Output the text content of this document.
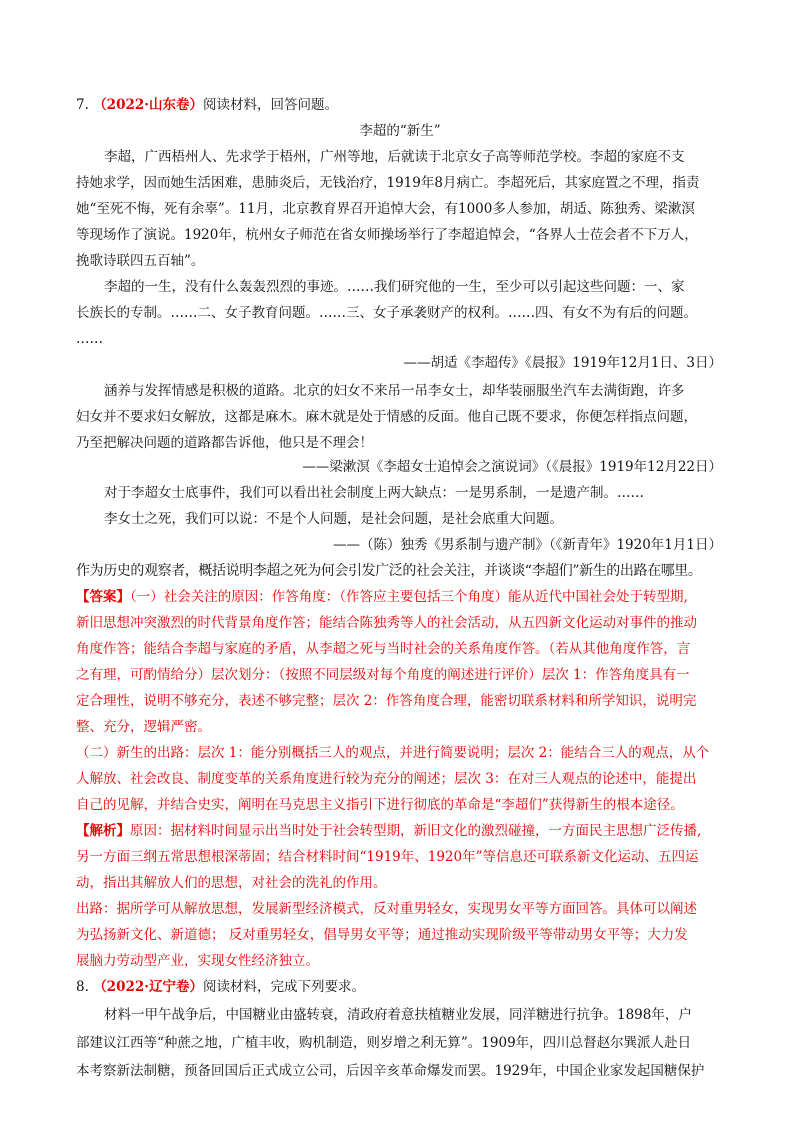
7. （2022·山东卷）阅读材料，回答问题。
李超的“新生”
李超，广西梧州人、先求学于梧州，广州等地，后就读于北京女子高等师范学校。李超的家庭不支
持她求学，因而她生活困难，患肺炎后，无钱治疗，1919年8月病亡。李超死后，其家庭置之不理，指责
她“至死不悔，死有余辜”。11月，北京教育界召开追悼大会，有1000多人参加，胡适、陈独秀、梁漱溟
等现场作了演说。1920年，杭州女子师范在省女师操场举行了李超追悼会，“各界人士莅会者不下万人，
挽歌诗联四五百轴”。
李超的一生，没有什么轰轰烈烈的事迹。……我们研究他的一生，至少可以引起这些问题：一、家
长族长的专制。……二、女子教育问题。……三、女子承袭财产的权利。……四、有女不为有后的问题。
……
——胡适《李超传》《晨报》1919年12月1日、3日）
涵养与发挥情感是积极的道路。北京的妇女不来吊一吊李女士，却华装丽服坐汽车去满街跑，许多
妇女并不要求妇女解放，这都是麻木。麻木就是处于情感的反面。他自己既不要求，你便怎样指点问题，
乃至把解决问题的道路都告诉他，他只是不理会！
——梁漱溟《李超女士追悼会之演说词》（《晨报》1919年12月22日）
对于李超女士底事件，我们可以看出社会制度上两大缺点：一是男系制，一是遗产制。……
李女士之死，我们可以说：不是个人问题，是社会问题，是社会底重大问题。
——（陈）独秀《男系制与遗产制》（《新青年》1920年1月1日）
作为历史的观察者，概括说明李超之死为何会引发广泛的社会关注，并谈谈“李超们”新生的出路在哪里。
【答案】（一）社会关注的原因：作答角度：（作答应主要包括三个角度）能从近代中国社会处于转型期,
新旧思想冲突激烈的时代背景角度作答；能结合陈独秀等人的社会活动，从五四新文化运动对事件的推动
角度作答；能结合李超与家庭的矛盾，从李超之死与当时社会的关系角度作答。（若从其他角度作答，言
之有理，可酌情给分）层次划分：（按照不同层级对每个角度的阐述进行评价）层次 1：作答角度具有一
定合理性，说明不够充分，表述不够完整；层次 2：作答角度合理，能密切联系材料和所学知识，说明完
整、充分，逻辑严密。
（二）新生的出路：层次 1：能分别概括三人的观点，并进行简要说明；层次 2：能结合三人的观点，从个
人解放、社会改良、制度变革的关系角度进行较为充分的阐述；层次 3：在对三人观点的论述中，能提出
自己的见解，并结合史实，阐明在马克思主义指引下进行彻底的革命是“李超们”获得新生的根本途径。
【解析】原因：据材料时间显示出当时处于社会转型期，新旧文化的激烈碰撞，一方面民主思想广泛传播,
另一方面三纲五常思想根深蒂固；结合材料时间“1919年、1920年”等信息还可联系新文化运动、五四运
动，指出其解放人们的思想，对社会的洗礼的作用。
出路：据所学可从解放思想，发展新型经济模式，反对重男轻女，实现男女平等方面回答。具体可以阐述
为弘扬新文化、新道德； 反对重男轻女，倡导男女平等；通过推动实现阶级平等带动男女平等；大力发
展脑力劳动型产业，实现女性经济独立。
8. （2022·辽宁卷）阅读材料，完成下列要求。
材料一甲午战争后，中国糖业由盛转衰，清政府着意扶植糖业发展，同洋糖进行抗争。1898年，户
部建议江西等“种蔗之地，广植丰收，购机制造，则岁增之利无算”。1909年，四川总督赵尔巽派人赴日
本考察新法制糖，预备回国后正式成立公司，后因辛亥革命爆发而罢。1929年，中国企业家发起国糖保护
